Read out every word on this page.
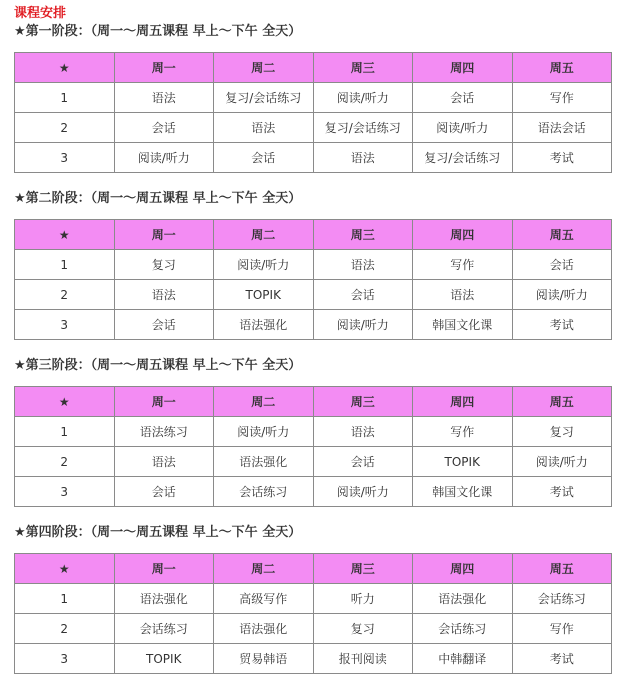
课程安排
★第一阶段：（周一～周五课程 早上～下午 全天）
★	周一	周二	周三	周四	周五
1	语法	复习/会话练习	阅读/听力	会话	写作
2	会话	语法	复习/会话练习	阅读/听力	语法会话
3	阅读/听力	会话	语法	复习/会话练习	考试
★第二阶段：（周一～周五课程 早上～下午 全天）
★	周一	周二	周三	周四	周五
1	复习	阅读/听力	语法	写作	会话
2	语法	TOPIK	会话	语法	阅读/听力
3	会话	语法强化	阅读/听力	韩国文化课	考试
★第三阶段：（周一～周五课程 早上～下午 全天）
★	周一	周二	周三	周四	周五
1	语法练习	阅读/听力	语法	写作	复习
2	语法	语法强化	会话	TOPIK	阅读/听力
3	会话	会话练习	阅读/听力	韩国文化课	考试
★第四阶段：（周一～周五课程 早上～下午 全天）
★	周一	周二	周三	周四	周五
1	语法强化	高级写作	听力	语法强化	会话练习
2	会话练习	语法强化	复习	会话练习	写作
3	TOPIK	贸易韩语	报刊阅读	中韩翻译	考试
